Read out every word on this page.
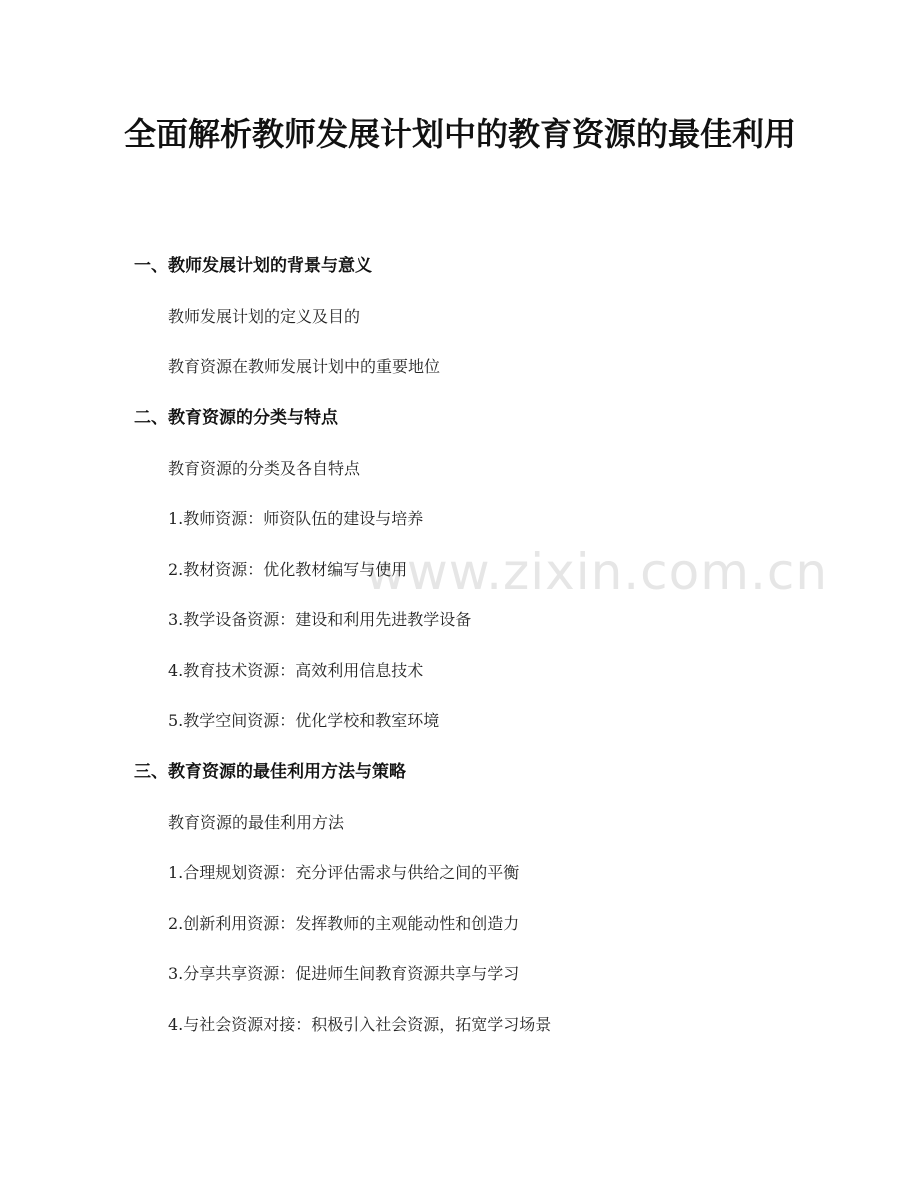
www.zixin.com.cn
全面解析教师发展计划中的教育资源的最佳利用
一、教师发展计划的背景与意义
教师发展计划的定义及目的
教育资源在教师发展计划中的重要地位
二、教育资源的分类与特点
教育资源的分类及各自特点
1.教师资源：师资队伍的建设与培养
2.教材资源：优化教材编写与使用
3.教学设备资源：建设和利用先进教学设备
4.教育技术资源：高效利用信息技术
5.教学空间资源：优化学校和教室环境
三、教育资源的最佳利用方法与策略
教育资源的最佳利用方法
1.合理规划资源：充分评估需求与供给之间的平衡
2.创新利用资源：发挥教师的主观能动性和创造力
3.分享共享资源：促进师生间教育资源共享与学习
4.与社会资源对接：积极引入社会资源，拓宽学习场景
